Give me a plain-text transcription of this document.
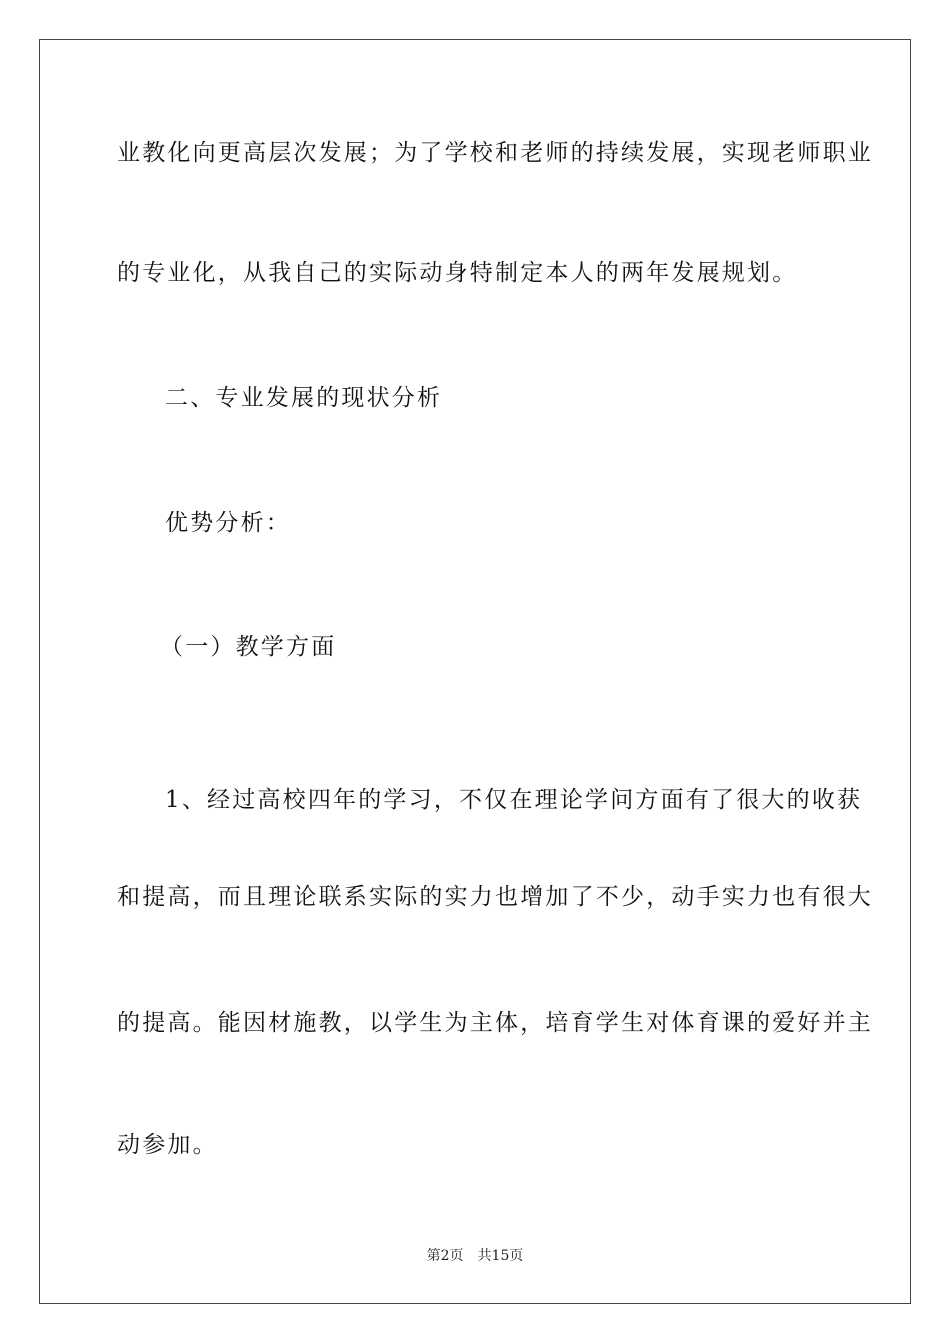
业教化向更高层次发展；为了学校和老师的持续发展，实现老师职业
的专业化，从我自己的实际动身特制定本人的两年发展规划。
二、专业发展的现状分析
优势分析：
（一）教学方面
1、经过高校四年的学习，不仅在理论学问方面有了很大的收获
和提高，而且理论联系实际的实力也增加了不少，动手实力也有很大
的提高。能因材施教，以学生为主体，培育学生对体育课的爱好并主
动参加。
第2页 共15页
